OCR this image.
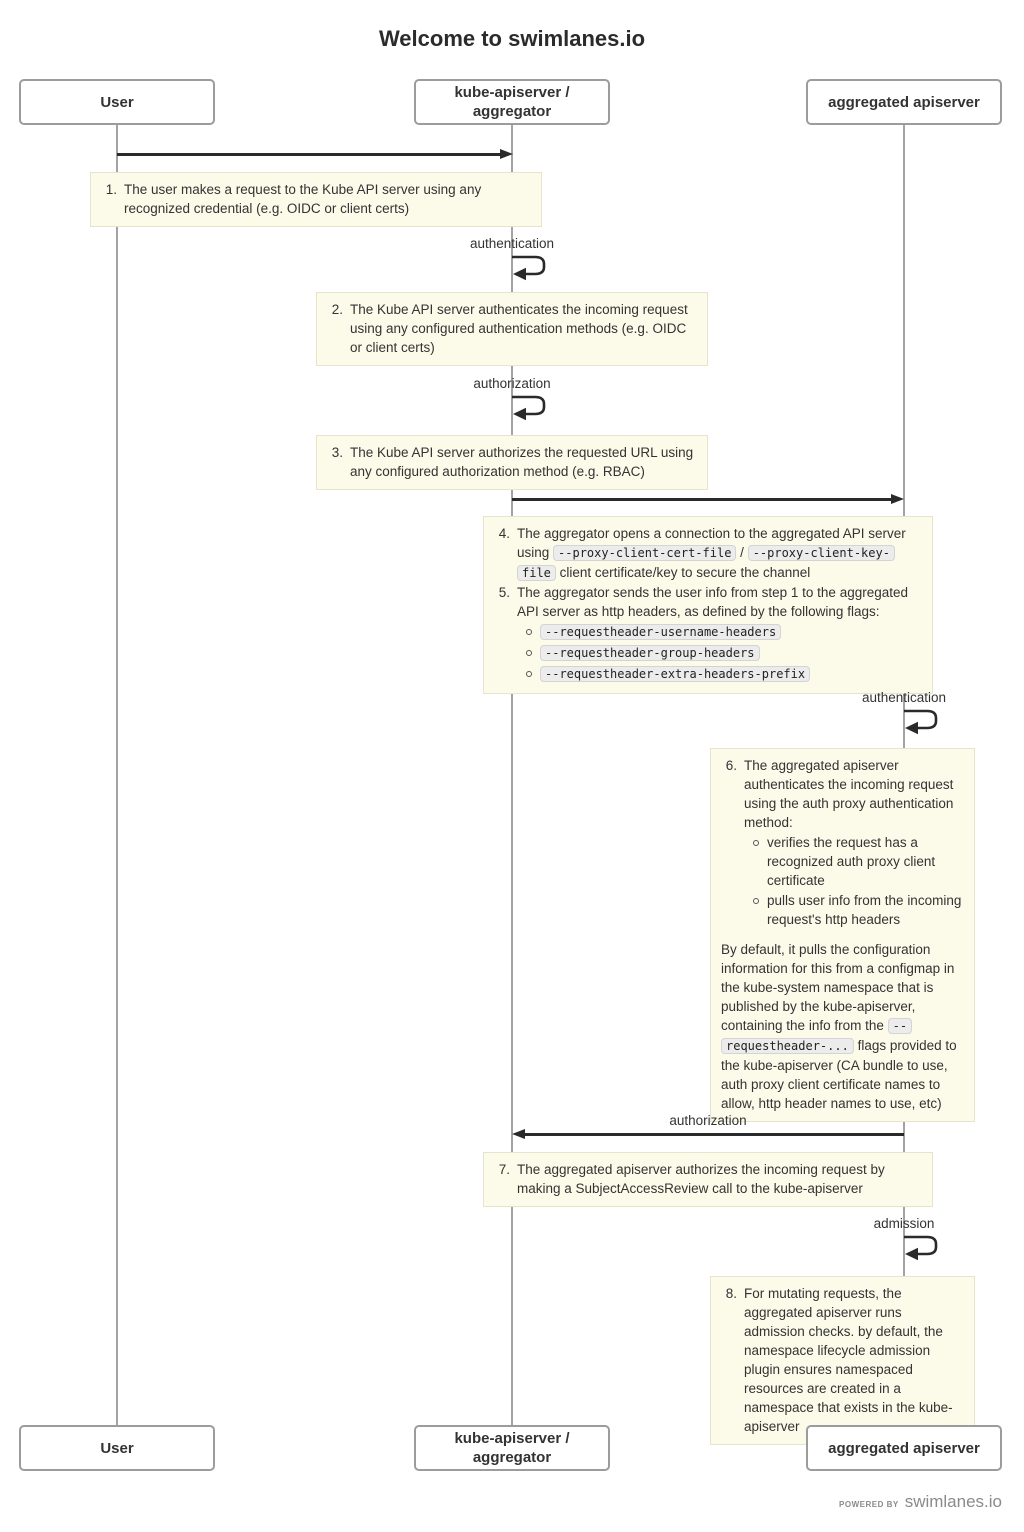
Welcome to swimlanes.io
User
kube-apiserver /
aggregator
aggregated apiserver
1. The user makes a request to the Kube API server using any recognized credential (e.g. OIDC or client certs)
authentication
2. The Kube API server authenticates the incoming request using any configured authentication methods (e.g. OIDC or client certs)
authorization
3. The Kube API server authorizes the requested URL using any configured authorization method (e.g. RBAC)
4. The aggregator opens a connection to the aggregated API server using --proxy-client-cert-file / --proxy-client-key-file client certificate/key to secure the channel
5. The aggregator sends the user info from step 1 to the aggregated API server as http headers, as defined by the following flags:
--requestheader-username-headers
--requestheader-group-headers
--requestheader-extra-headers-prefix
authentication
6. The aggregated apiserver authenticates the incoming request using the auth proxy authentication method:
verifies the request has a recognized auth proxy client certificate
pulls user info from the incoming request's http headers
By default, it pulls the configuration information for this from a configmap in the kube-system namespace that is published by the kube-apiserver, containing the info from the --requestheader-... flags provided to the kube-apiserver (CA bundle to use, auth proxy client certificate names to allow, http header names to use, etc)
authorization
7. The aggregated apiserver authorizes the incoming request by making a SubjectAccessReview call to the kube-apiserver
admission
8. For mutating requests, the aggregated apiserver runs admission checks. by default, the namespace lifecycle admission plugin ensures namespaced resources are created in a namespace that exists in the kube-apiserver
User
kube-apiserver /
aggregator
aggregated apiserver
POWERED BY swimlanes.io
